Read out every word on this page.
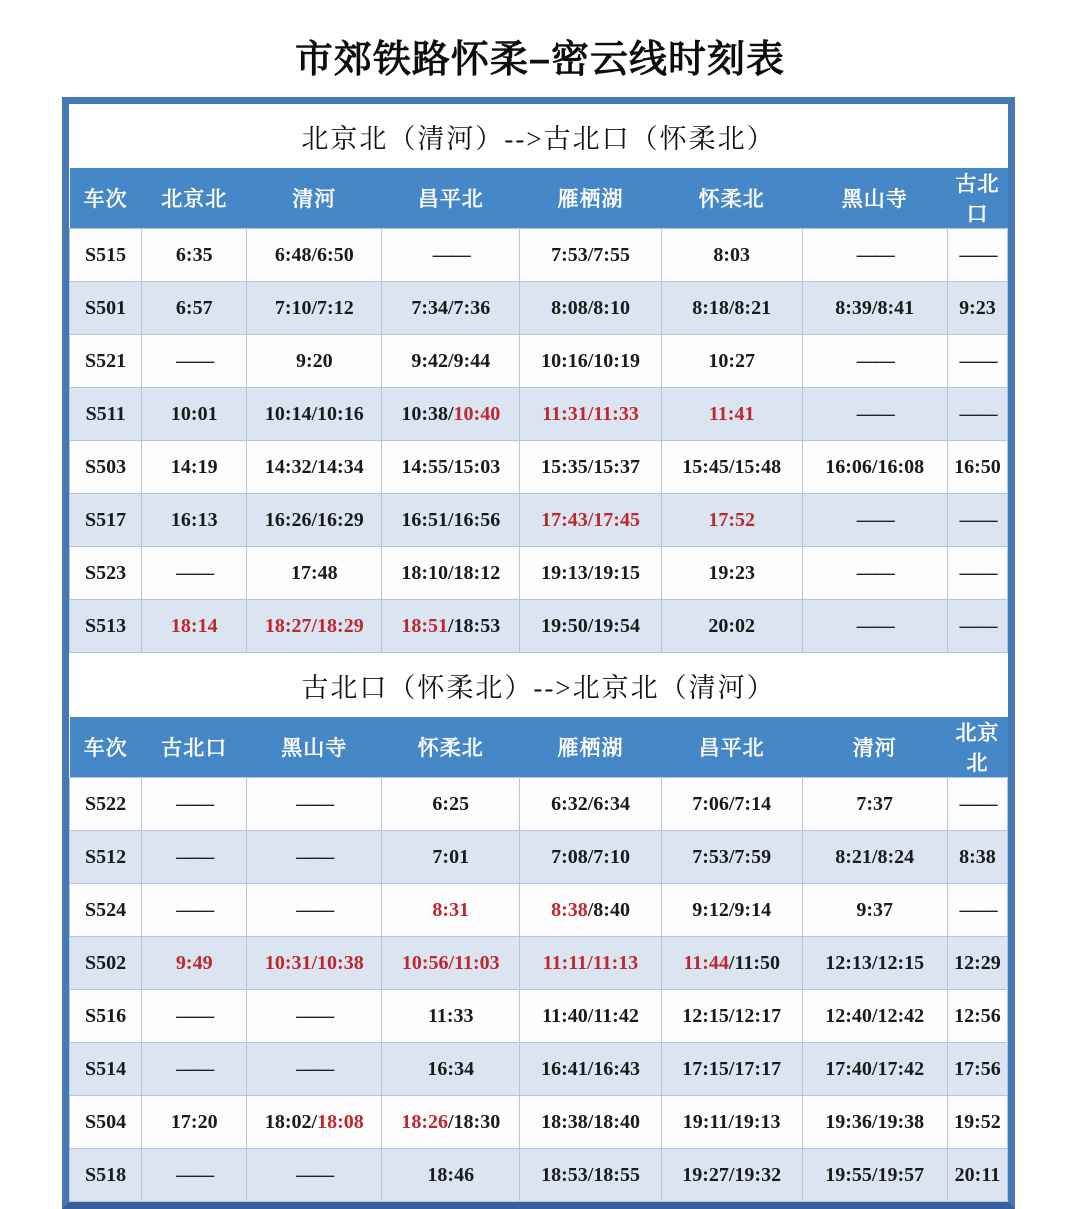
市郊铁路怀柔–密云线时刻表
北京北（清河）-->古北口（怀柔北）
车次	北京北	清河	昌平北	雁栖湖	怀柔北	黑山寺	古北口
S515	6:35	6:48/6:50	——	7:53/7:55	8:03	——	——
S501	6:57	7:10/7:12	7:34/7:36	8:08/8:10	8:18/8:21	8:39/8:41	9:23
S521	——	9:20	9:42/9:44	10:16/10:19	10:27	——	——
S511	10:01	10:14/10:16	10:38/10:40	11:31/11:33	11:41	——	——
S503	14:19	14:32/14:34	14:55/15:03	15:35/15:37	15:45/15:48	16:06/16:08	16:50
S517	16:13	16:26/16:29	16:51/16:56	17:43/17:45	17:52	——	——
S523	——	17:48	18:10/18:12	19:13/19:15	19:23	——	——
S513	18:14	18:27/18:29	18:51/18:53	19:50/19:54	20:02	——	——
古北口（怀柔北）-->北京北（清河）
车次	古北口	黑山寺	怀柔北	雁栖湖	昌平北	清河	北京北
S522	——	——	6:25	6:32/6:34	7:06/7:14	7:37	——
S512	——	——	7:01	7:08/7:10	7:53/7:59	8:21/8:24	8:38
S524	——	——	8:31	8:38/8:40	9:12/9:14	9:37	——
S502	9:49	10:31/10:38	10:56/11:03	11:11/11:13	11:44/11:50	12:13/12:15	12:29
S516	——	——	11:33	11:40/11:42	12:15/12:17	12:40/12:42	12:56
S514	——	——	16:34	16:41/16:43	17:15/17:17	17:40/17:42	17:56
S504	17:20	18:02/18:08	18:26/18:30	18:38/18:40	19:11/19:13	19:36/19:38	19:52
S518	——	——	18:46	18:53/18:55	19:27/19:32	19:55/19:57	20:11
